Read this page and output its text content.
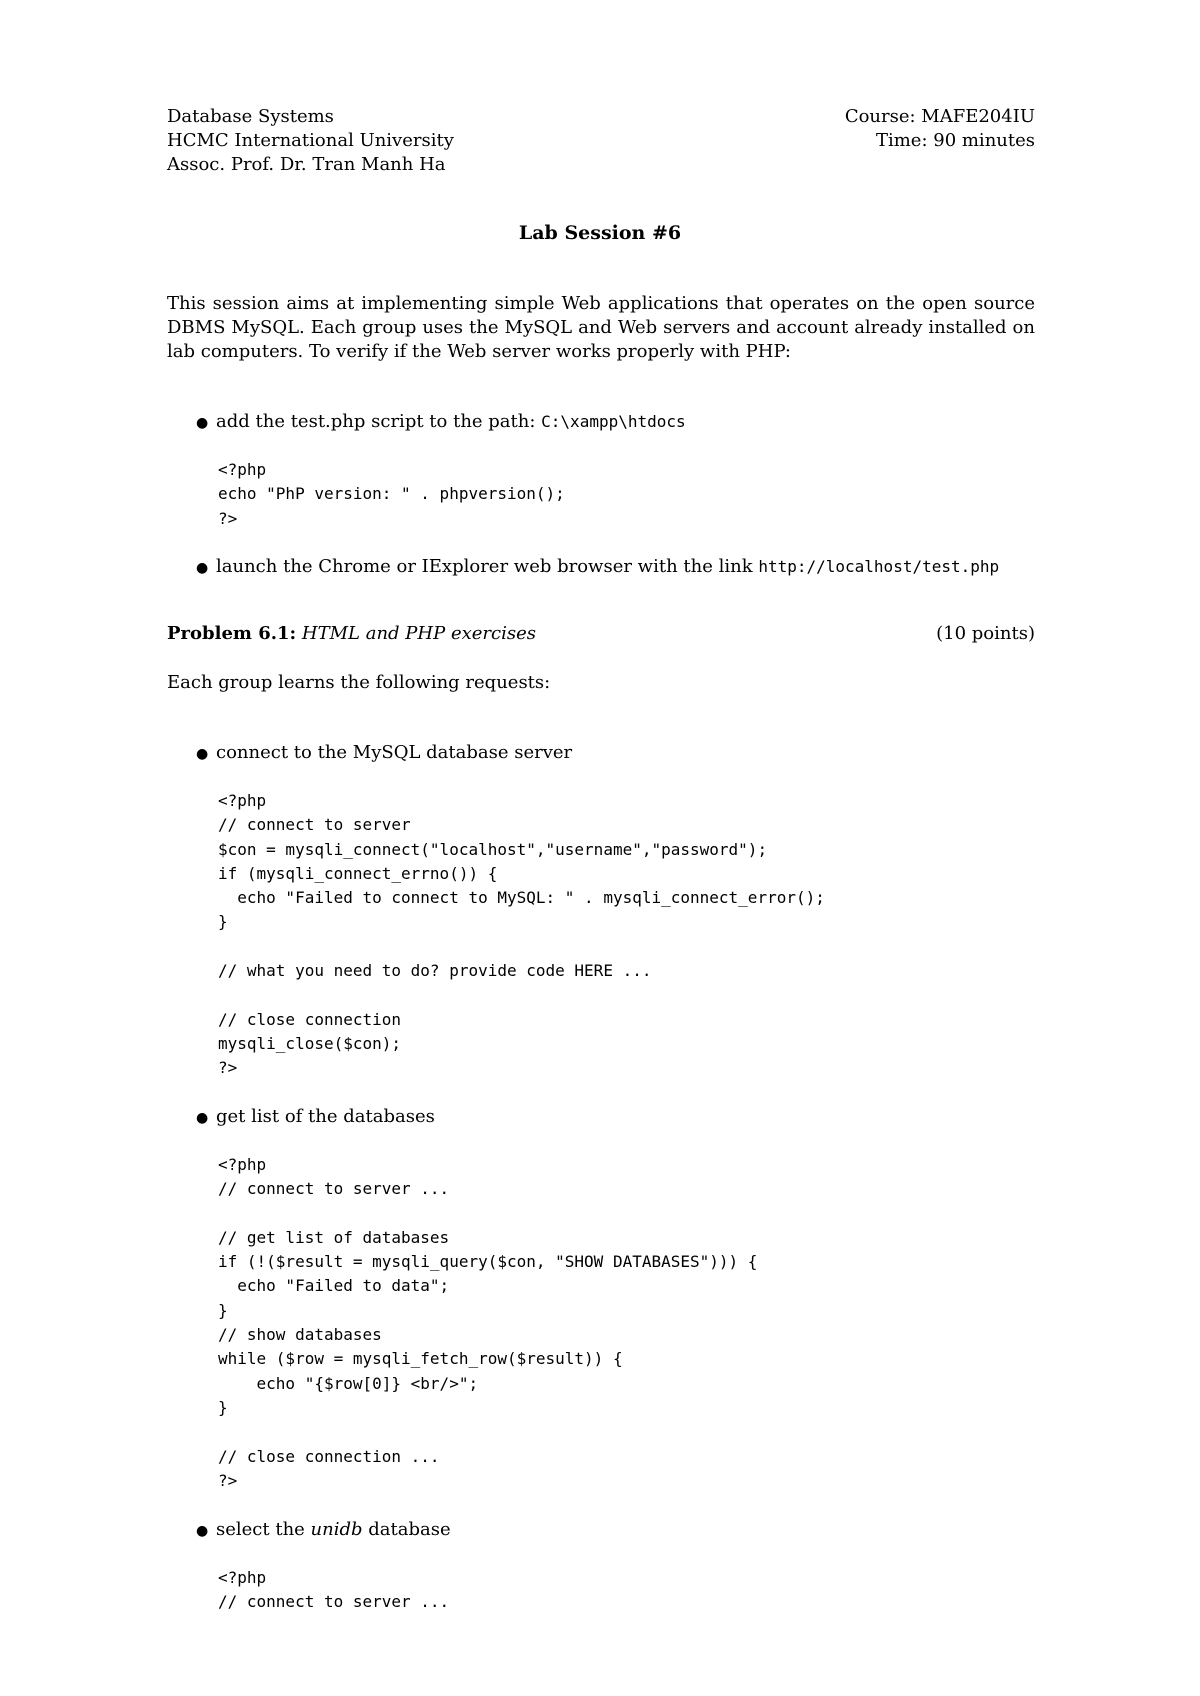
Database Systems
HCMC International University
Assoc. Prof. Dr. Tran Manh Ha
Course: MAFE204IU
Time: 90 minutes
Lab Session #6
This session aims at implementing simple Web applications that operates on the open source DBMS MySQL. Each group uses the MySQL and Web servers and account already installed on lab computers. To verify if the Web server works properly with PHP:
● add the test.php script to the path: C:\xampp\htdocs
<?php
echo "PhP version: " . phpversion();
?>
● launch the Chrome or IExplorer web browser with the link http://localhost/test.php
Problem 6.1: HTML and PHP exercises	(10 points)
Each group learns the following requests:
● connect to the MySQL database server
<?php
// connect to server
$con = mysqli_connect("localhost","username","password");
if (mysqli_connect_errno()) {
echo "Failed to connect to MySQL: " . mysqli_connect_error();
}

// what you need to do? provide code HERE ...

// close connection
mysqli_close($con);
?>
● get list of the databases
<?php
// connect to server ...

// get list of databases
if (!($result = mysqli_query($con, "SHOW DATABASES"))) {
echo "Failed to data";
}
// show databases
while ($row = mysqli_fetch_row($result)) {
echo "{$row[0]} <br/>";
}

// close connection ...
?>
● select the unidb database
<?php
// connect to server ...
